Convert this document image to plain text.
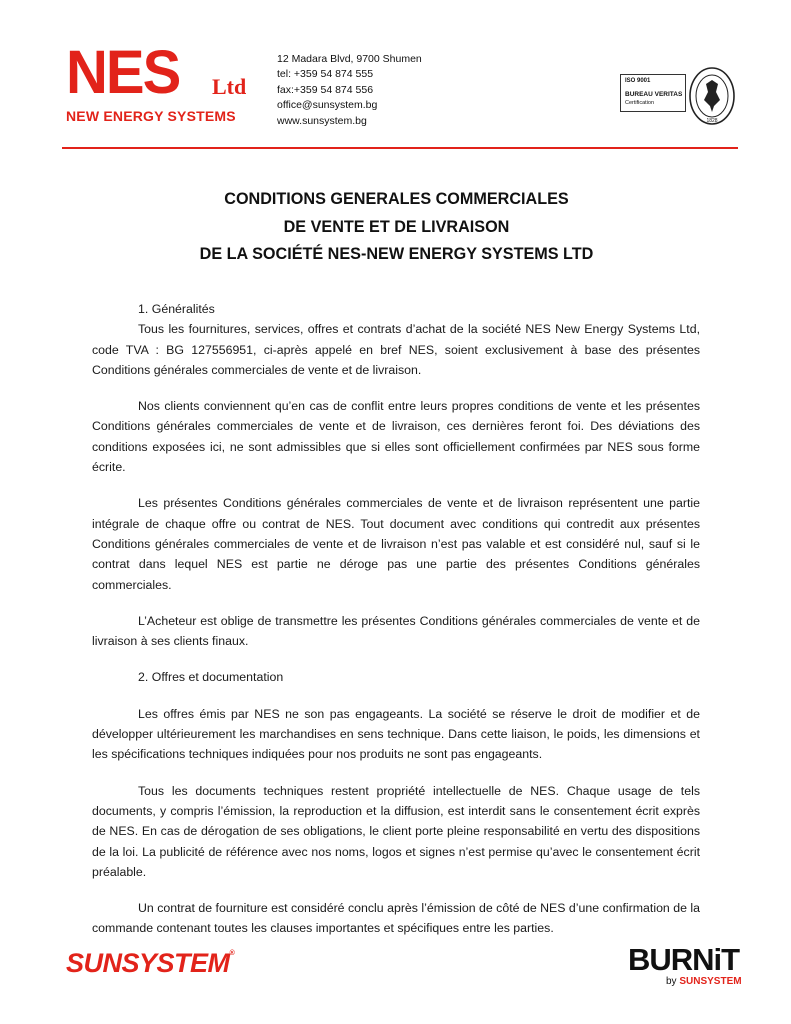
NES Ltd
NEW ENERGY SYSTEMS
12 Madara Blvd, 9700 Shumen
tel: +359 54 874 555
fax:+359 54 874 556
office@sunsystem.bg
www.sunsystem.bg
ISO 9001
BUREAU VERITAS
Certification
1828
CONDITIONS GENERALES COMMERCIALES
DE VENTE ET DE LIVRAISON
DE LA SOCIÉTÉ NES-NEW ENERGY SYSTEMS LTD

1. Généralités

Tous les fournitures, services, offres et contrats d’achat de la société NES New Energy Systems Ltd, code TVA : BG 127556951, ci-après appelé en bref NES, soient exclusivement à base des présentes Conditions générales commerciales de vente et de livraison.

Nos clients conviennent qu’en cas de conflit entre leurs propres conditions de vente et les présentes Conditions générales commerciales de vente et de livraison, ces dernières feront foi. Des déviations des conditions exposées ici, ne sont admissibles que si elles sont officiellement confirmées par NES sous forme écrite.

Les présentes Conditions générales commerciales de vente et de livraison représentent une partie intégrale de chaque offre ou contrat de NES. Tout document avec conditions qui contredit aux présentes Conditions générales commerciales de vente et de livraison n’est pas valable et est considéré nul, sauf si le contrat dans lequel NES est partie ne déroge pas une partie des présentes Conditions générales commerciales.

L’Acheteur est oblige de transmettre les présentes Conditions générales commerciales de vente et de livraison à ses clients finaux.

2. Offres et documentation

Les offres émis par NES ne son pas engageants. La société se réserve le droit de modifier et de développer ultérieurement les marchandises en sens technique. Dans cette liaison, le poids, les dimensions et les spécifications techniques indiquées pour nos produits ne sont pas engageants.

Tous les documents techniques restent propriété intellectuelle de NES. Chaque usage de tels documents, y compris l’émission, la reproduction et la diffusion, est interdit sans le consentement écrit exprès de NES. En cas de dérogation de ses obligations, le client porte pleine responsabilité en vertu des dispositions de la loi. La publicité de référence avec nos noms, logos et signes n’est permise qu’avec le consentement écrit préalable.

Un contrat de fourniture est considéré conclu après l’émission de côté de NES d’une confirmation de la commande contenant toutes les clauses importantes et spécifiques entre les parties.

SUNSYSTEM®	BURNiT
by SUNSYSTEM
